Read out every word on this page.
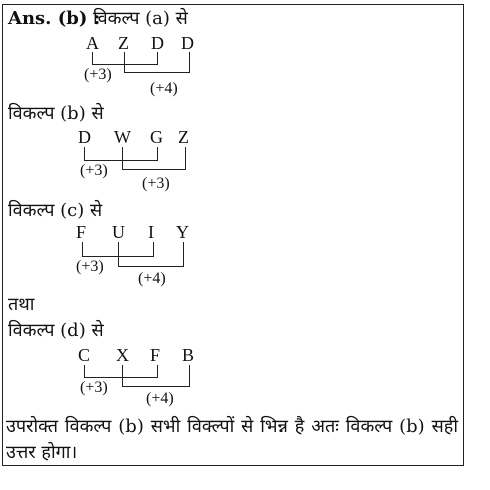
Ans. (b) :
विकल्प (a) से
A Z D D
(+3)
(+4)
विकल्प (b) से
D W G Z
(+3)
(+3)
विकल्प (c) से
F U I Y
(+3)
(+4)
तथा
विकल्प (d) से
C X F B
(+3)
(+4)
उपरोक्त विकल्प (b) सभी विक्ल्पों से भिन्न है अतः विकल्प (b) सही उत्तर होगा।
